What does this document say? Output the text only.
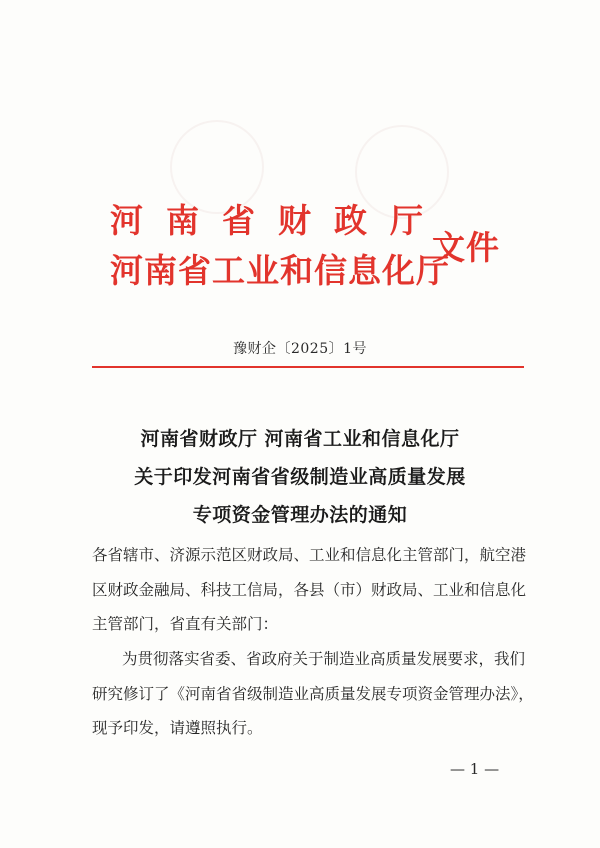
河南省财政厅
河南省工业和信息化厅
文件
豫财企〔2025〕1号
河南省财政厅 河南省工业和信息化厅
关于印发河南省省级制造业高质量发展
专项资金管理办法的通知
各省辖市、济源示范区财政局、工业和信息化主管部门，航空港
区财政金融局、科技工信局，各县（市）财政局、工业和信息化
主管部门，省直有关部门：
为贯彻落实省委、省政府关于制造业高质量发展要求，我们
研究修订了《河南省省级制造业高质量发展专项资金管理办法》，
现予印发，请遵照执行。
— 1 —
